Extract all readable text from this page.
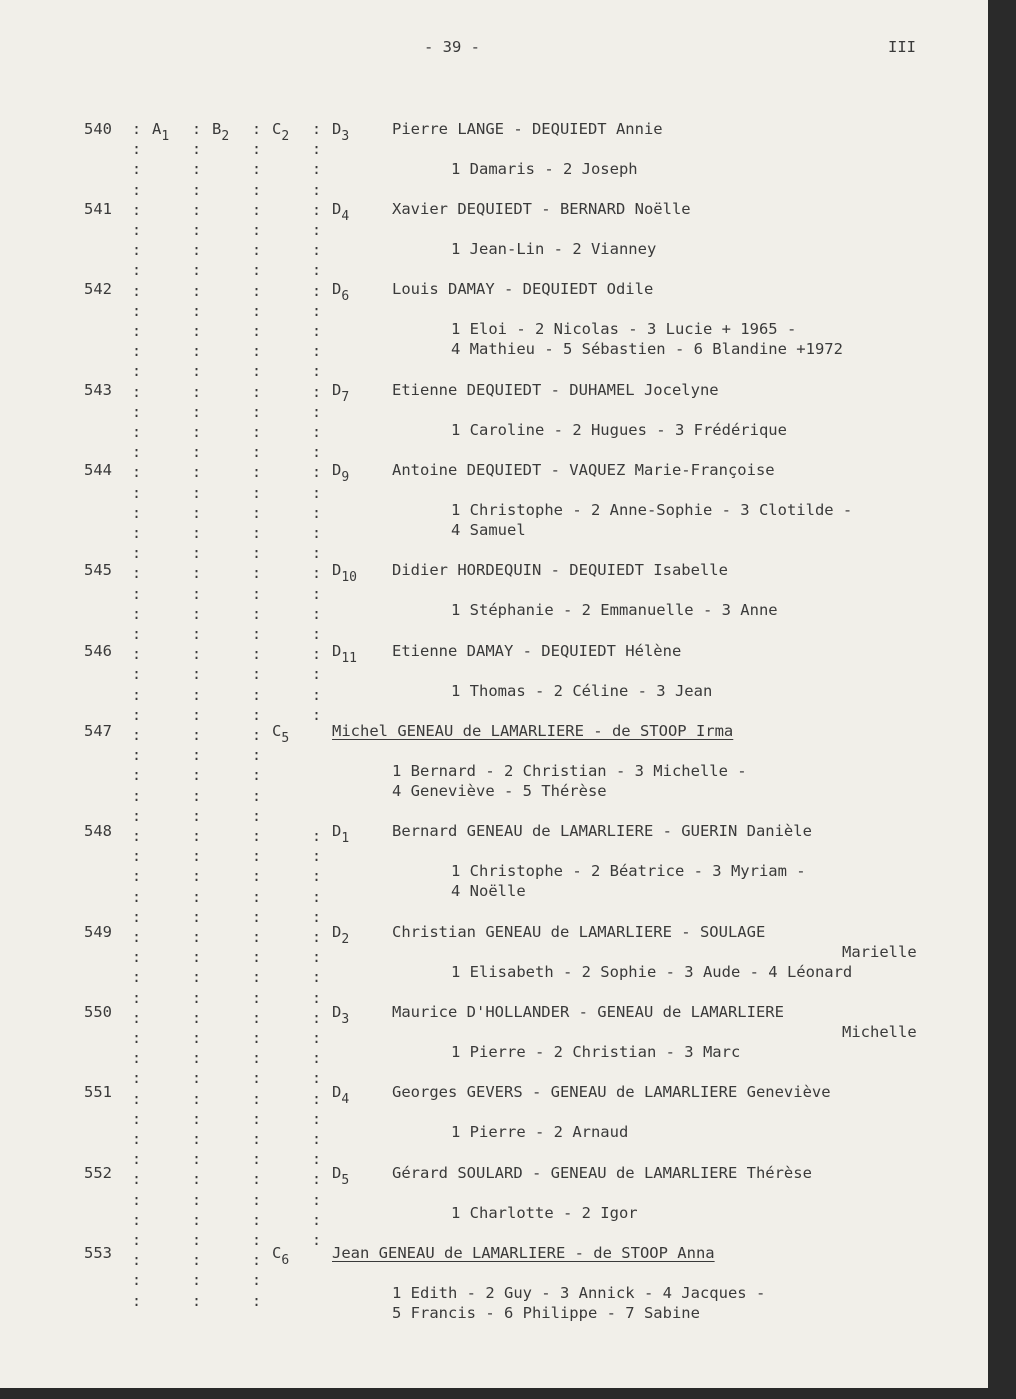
- 39 -	III
$A_1$	$B_2$	$C_2$
540	$D_3$	Pierre LANGE - DEQUIEDT Annie
1 Damaris - 2 Joseph
541	$D_4$	Xavier DEQUIEDT - BERNARD Noëlle
1 Jean-Lin - 2 Vianney
542	$D_6$	Louis DAMAY - DEQUIEDT Odile
1 Eloi - 2 Nicolas - 3 Lucie + 1965 -
4 Mathieu - 5 Sébastien - 6 Blandine +1972
543	$D_7$	Etienne DEQUIEDT - DUHAMEL Jocelyne
1 Caroline - 2 Hugues - 3 Frédérique
544	$D_9$	Antoine DEQUIEDT - VAQUEZ Marie-Françoise
1 Christophe - 2 Anne-Sophie - 3 Clotilde -
4 Samuel
545	$D_{10}$ Didier HORDEQUIN - DEQUIEDT Isabelle
1 Stéphanie - 2 Emmanuelle - 3 Anne
546	$D_{11}$ Etienne DAMAY - DEQUIEDT Hélène
1 Thomas - 2 Céline - 3 Jean
547	$C_5$	Michel GENEAU de LAMARLIERE - de STOOP Irma
1 Bernard - 2 Christian - 3 Michelle -
4 Geneviève - 5 Thérèse
548	$D_1$	Bernard GENEAU de LAMARLIERE - GUERIN Danièle
1 Christophe - 2 Béatrice - 3 Myriam -
4 Noëlle
549	$D_2$	Christian GENEAU de LAMARLIERE - SOULAGE
Marielle
1 Elisabeth - 2 Sophie - 3 Aude - 4 Léonard
550	$D_3$	Maurice D'HOLLANDER - GENEAU de LAMARLIERE
Michelle
1 Pierre - 2 Christian - 3 Marc
551	$D_4$	Georges GEVERS - GENEAU de LAMARLIERE Geneviève
1 Pierre - 2 Arnaud
552	$D_5$	Gérard SOULARD - GENEAU de LAMARLIERE Thérèse
1 Charlotte - 2 Igor
553	$C_6$	Jean GENEAU de LAMARLIERE - de STOOP Anna
1 Edith - 2 Guy - 3 Annick - 4 Jacques -
5 Francis - 6 Philippe - 7 Sabine
:	:	:	:
:	:	:	:
:	:	:	:
:	:	:	:
:	:	:	:
:	:	:	:
:	:	:	:
:	:	:	:
:	:	:	:
:	:	:	:
:	:	:	:
:	:	:	:
:	:	:	:
:	:	:	:
:	:	:	:
:	:	:	:
:	:	:	:
:	:	:	:
:	:	:	:
:	:	:	:
:	:	:	:
:	:	:	:
:	:	:	:
:	:	:	:
:	:	:	:
:	:	:	:
:	:	:	:
:	:	:	:
:	:	:	:
:	:	:	:
:	:	:
:	:	:
:	:	:
:	:	:
:	:	:
:	:	:	:
:	:	:	:
:	:	:	:
:	:	:	:
:	:	:	:
:	:	:	:
:	:	:	:
:	:	:	:
:	:	:	:
:	:	:	:
:	:	:	:
:	:	:	:
:	:	:	:
:	:	:	:
:	:	:	:
:	:	:	:
:	:	:	:
:	:	:	:
:	:	:	:
:	:	:	:
:	:	:	:
:	:	:
:	:	:
:	:	:
